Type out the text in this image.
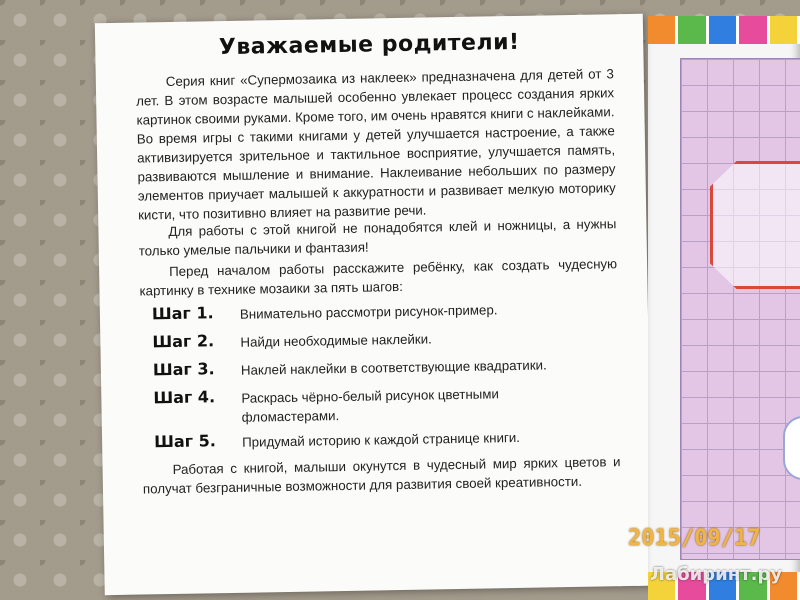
Уважаемые родители!
Серия книг «Супермозаика из наклеек» предназначена для детей от 3 лет. В этом возрасте малышей особенно увлекает процесс создания ярких картинок своими руками. Кроме того, им очень нравятся книги с наклейками. Во время игры с такими книгами у детей улучшается настроение, а также активизируется зрительное и тактильное восприятие, улучшается память, развиваются мышление и внимание. Наклеивание небольших по размеру элементов приучает малышей к аккуратности и развивает мелкую моторику кисти, что позитивно влияет на развитие речи.
Для работы с этой книгой не понадобятся клей и ножницы, а нужны только умелые пальчики и фантазия!
Перед началом работы расскажите ребёнку, как создать чудесную картинку в технике мозаики за пять шагов:
Шаг 1. Внимательно рассмотри рисунок-пример.
Шаг 2. Найди необходимые наклейки.
Шаг 3. Наклей наклейки в соответствующие квадратики.
Шаг 4. Раскрась чёрно-белый рисунок цветными фломастерами.
Шаг 5. Придумай историю к каждой странице книги.
Работая с книгой, малыши окунутся в чудесный мир ярких цветов и получат безграничные возможности для развития своей креативности.
2015/09/17
Лабиринт.ру
